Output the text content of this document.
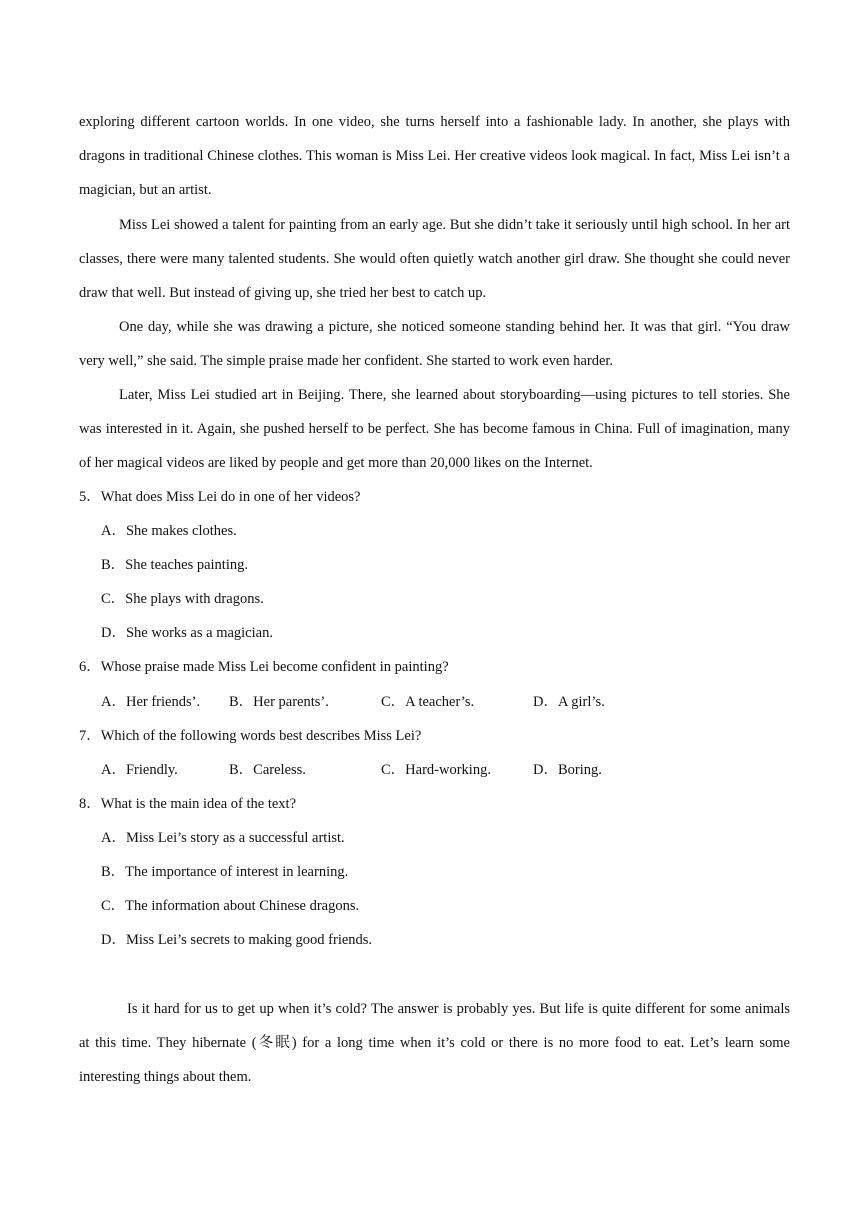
exploring different cartoon worlds. In one video, she turns herself into a fashionable lady. In another, she plays with dragons in traditional Chinese clothes. This woman is Miss Lei. Her creative videos look magical. In fact, Miss Lei isn’t a magician, but an artist.

Miss Lei showed a talent for painting from an early age. But she didn’t take it seriously until high school. In her art classes, there were many talented students. She would often quietly watch another girl draw. She thought she could never draw that well. But instead of giving up, she tried her best to catch up.

One day, while she was drawing a picture, she noticed someone standing behind her. It was that girl. “You draw very well,” she said. The simple praise made her confident. She started to work even harder.

Later, Miss Lei studied art in Beijing. There, she learned about storyboarding—using pictures to tell stories. She was interested in it. Again, she pushed herself to be perfect. She has become famous in China. Full of imagination, many of her magical videos are liked by people and get more than 20,000 likes on the Internet.

5．What does Miss Lei do in one of her videos?
A．She makes clothes.
B．She teaches painting.
C．She plays with dragons.
D．She works as a magician.
6．Whose praise made Miss Lei become confident in painting?
A．Her friends’. B．Her parents’.	C．A teacher’s.	D．A girl’s.
7．Which of the following words best describes Miss Lei?
A．Friendly.	B．Careless.	C．Hard-working.	D．Boring.
8．What is the main idea of the text?
A．Miss Lei’s story as a successful artist.
B．The importance of interest in learning.
C．The information about Chinese dragons.
D．Miss Lei’s secrets to making good friends.

Is it hard for us to get up when it’s cold? The answer is probably yes. But life is quite different for some animals at this time. They hibernate (冬眠) for a long time when it’s cold or there is no more food to eat. Let’s learn some interesting things about them.
